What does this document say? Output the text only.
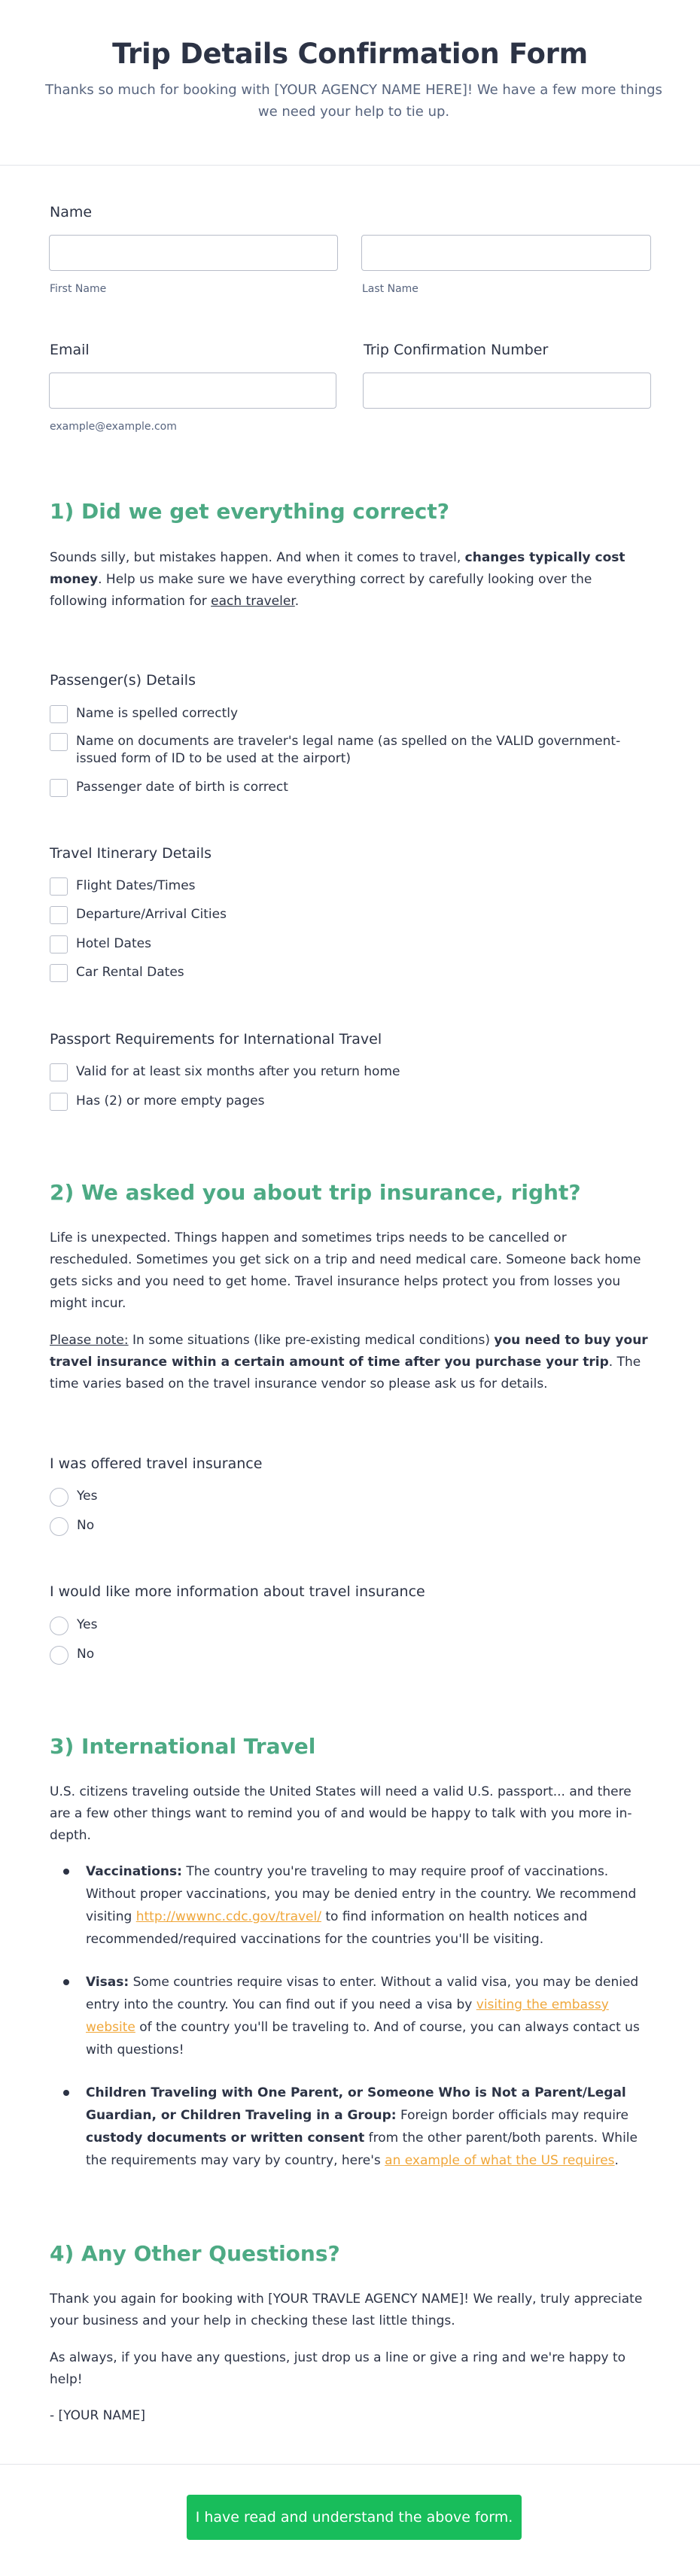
Trip Details Confirmation Form

Thanks so much for booking with [YOUR AGENCY NAME HERE]! We have a few more things we need your help to tie up.

Name
First Name	Last Name
Email
example@example.com
Trip Confirmation Number
1) Did we get everything correct?

Sounds silly, but mistakes happen. And when it comes to travel, changes typically cost money. Help us make sure we have everything correct by carefully looking over the following information for each traveler.

Passenger(s) Details
Name is spelled correctly
Name on documents are traveler's legal name (as spelled on the VALID government-issued form of ID to be used at the airport)
Passenger date of birth is correct
Travel Itinerary Details
Flight Dates/Times
Departure/Arrival Cities
Hotel Dates
Car Rental Dates
Passport Requirements for International Travel
Valid for at least six months after you return home
Has (2) or more empty pages
2) We asked you about trip insurance, right?

Life is unexpected. Things happen and sometimes trips needs to be cancelled or rescheduled. Sometimes you get sick on a trip and need medical care. Someone back home gets sicks and you need to get home. Travel insurance helps protect you from losses you might incur.

Please note: In some situations (like pre-existing medical conditions) you need to buy your travel insurance within a certain amount of time after you purchase your trip. The time varies based on the travel insurance vendor so please ask us for details.

I was offered travel insurance
Yes
No
I would like more information about travel insurance
Yes
No
3) International Travel

U.S. citizens traveling outside the United States will need a valid U.S. passport... and there are a few other things want to remind you of and would be happy to talk with you more in-depth.

Vaccinations: The country you're traveling to may require proof of vaccinations. Without proper vaccinations, you may be denied entry in the country. We recommend visiting http://wwwnc.cdc.gov/travel/ to find information on health notices and recommended/required vaccinations for the countries you'll be visiting.
Visas: Some countries require visas to enter. Without a valid visa, you may be denied entry into the country. You can find out if you need a visa by visiting the embassy website of the country you'll be traveling to. And of course, you can always contact us with questions!
Children Traveling with One Parent, or Someone Who is Not a Parent/Legal Guardian, or Children Traveling in a Group: Foreign border officials may require custody documents or written consent from the other parent/both parents. While the requirements may vary by country, here's an example of what the US requires.
4) Any Other Questions?

Thank you again for booking with [YOUR TRAVLE AGENCY NAME]! We really, truly appreciate your business and your help in checking these last little things.

As always, if you have any questions, just drop us a line or give a ring and we're happy to help!

- [YOUR NAME]

I have read and understand the above form.
